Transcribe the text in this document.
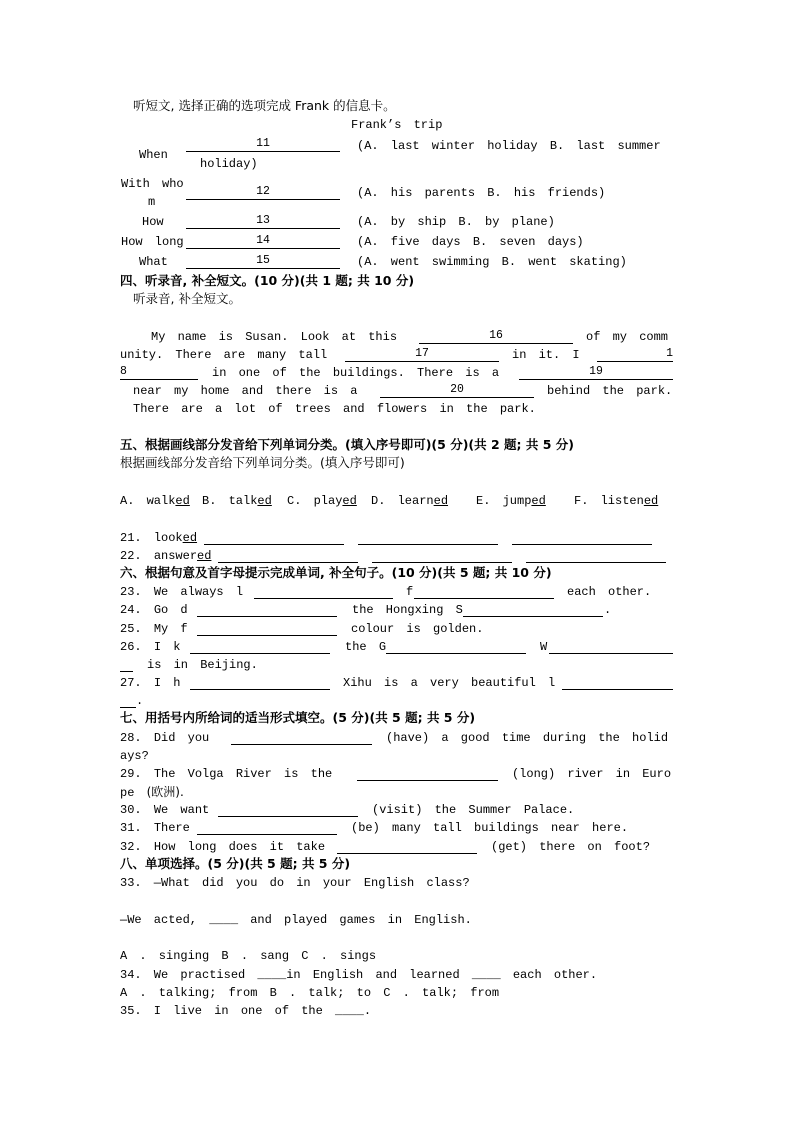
听短文, 选择正确的选项完成 Frank 的信息卡。
Frank’s trip
When
11	(A. last winter holiday B. last summer
holiday)
With who
m
12	(A. his parents B. his friends)
How	13	(A. by ship B. by plane)
How long	14	(A. five days B. seven days)
What	15	(A. went swimming B. went skating)
四、听录音, 补全短文。(10 分)(共 1 题; 共 10 分)
听录音, 补全短文。
My name is Susan. Look at this	16	of my comm
unity. There are many tall	17	in it. I	1
8	in one of the buildings. There is a	19
near my home and there is a	20	behind the park.
There are a lot of trees and flowers in the park.
五、根据画线部分发音给下列单词分类。(填入序号即可)(5 分)(共 2 题; 共 5 分)
根据画线部分发音给下列单词分类。(填入序号即可)
A. walked B. talked C. played D. learned E. jumped F. listened
21. looked
22. answered
六、根据句意及首字母提示完成单词, 补全句子。(10 分)(共 5 题; 共 10 分)
23. We always l	f	each other.
24. Go d	the Hongxing S	.
25. My f	colour is golden.
26. I k	the G	W
is in Beijing.
27. I h	Xihu is a very beautiful l
.
七、用括号内所给词的适当形式填空。(5 分)(共 5 题; 共 5 分)
28. Did you	(have) a good time during the holid
ays?
29. The Volga River is the	(long) river in Euro
pe (欧洲).
30. We want	(visit) the Summer Palace.
31. There	(be) many tall buildings near here.
32. How long does it take	(get) there on foot?
八、单项选择。(5 分)(共 5 题; 共 5 分)
33. —What did you do in your English class?
—We acted, ____ and played games in English.
A . singing B . sang C . sings
34. We practised ____in English and learned ____ each other.
A . talking; from B . talk; to C . talk; from
35. I live in one of the ____.
